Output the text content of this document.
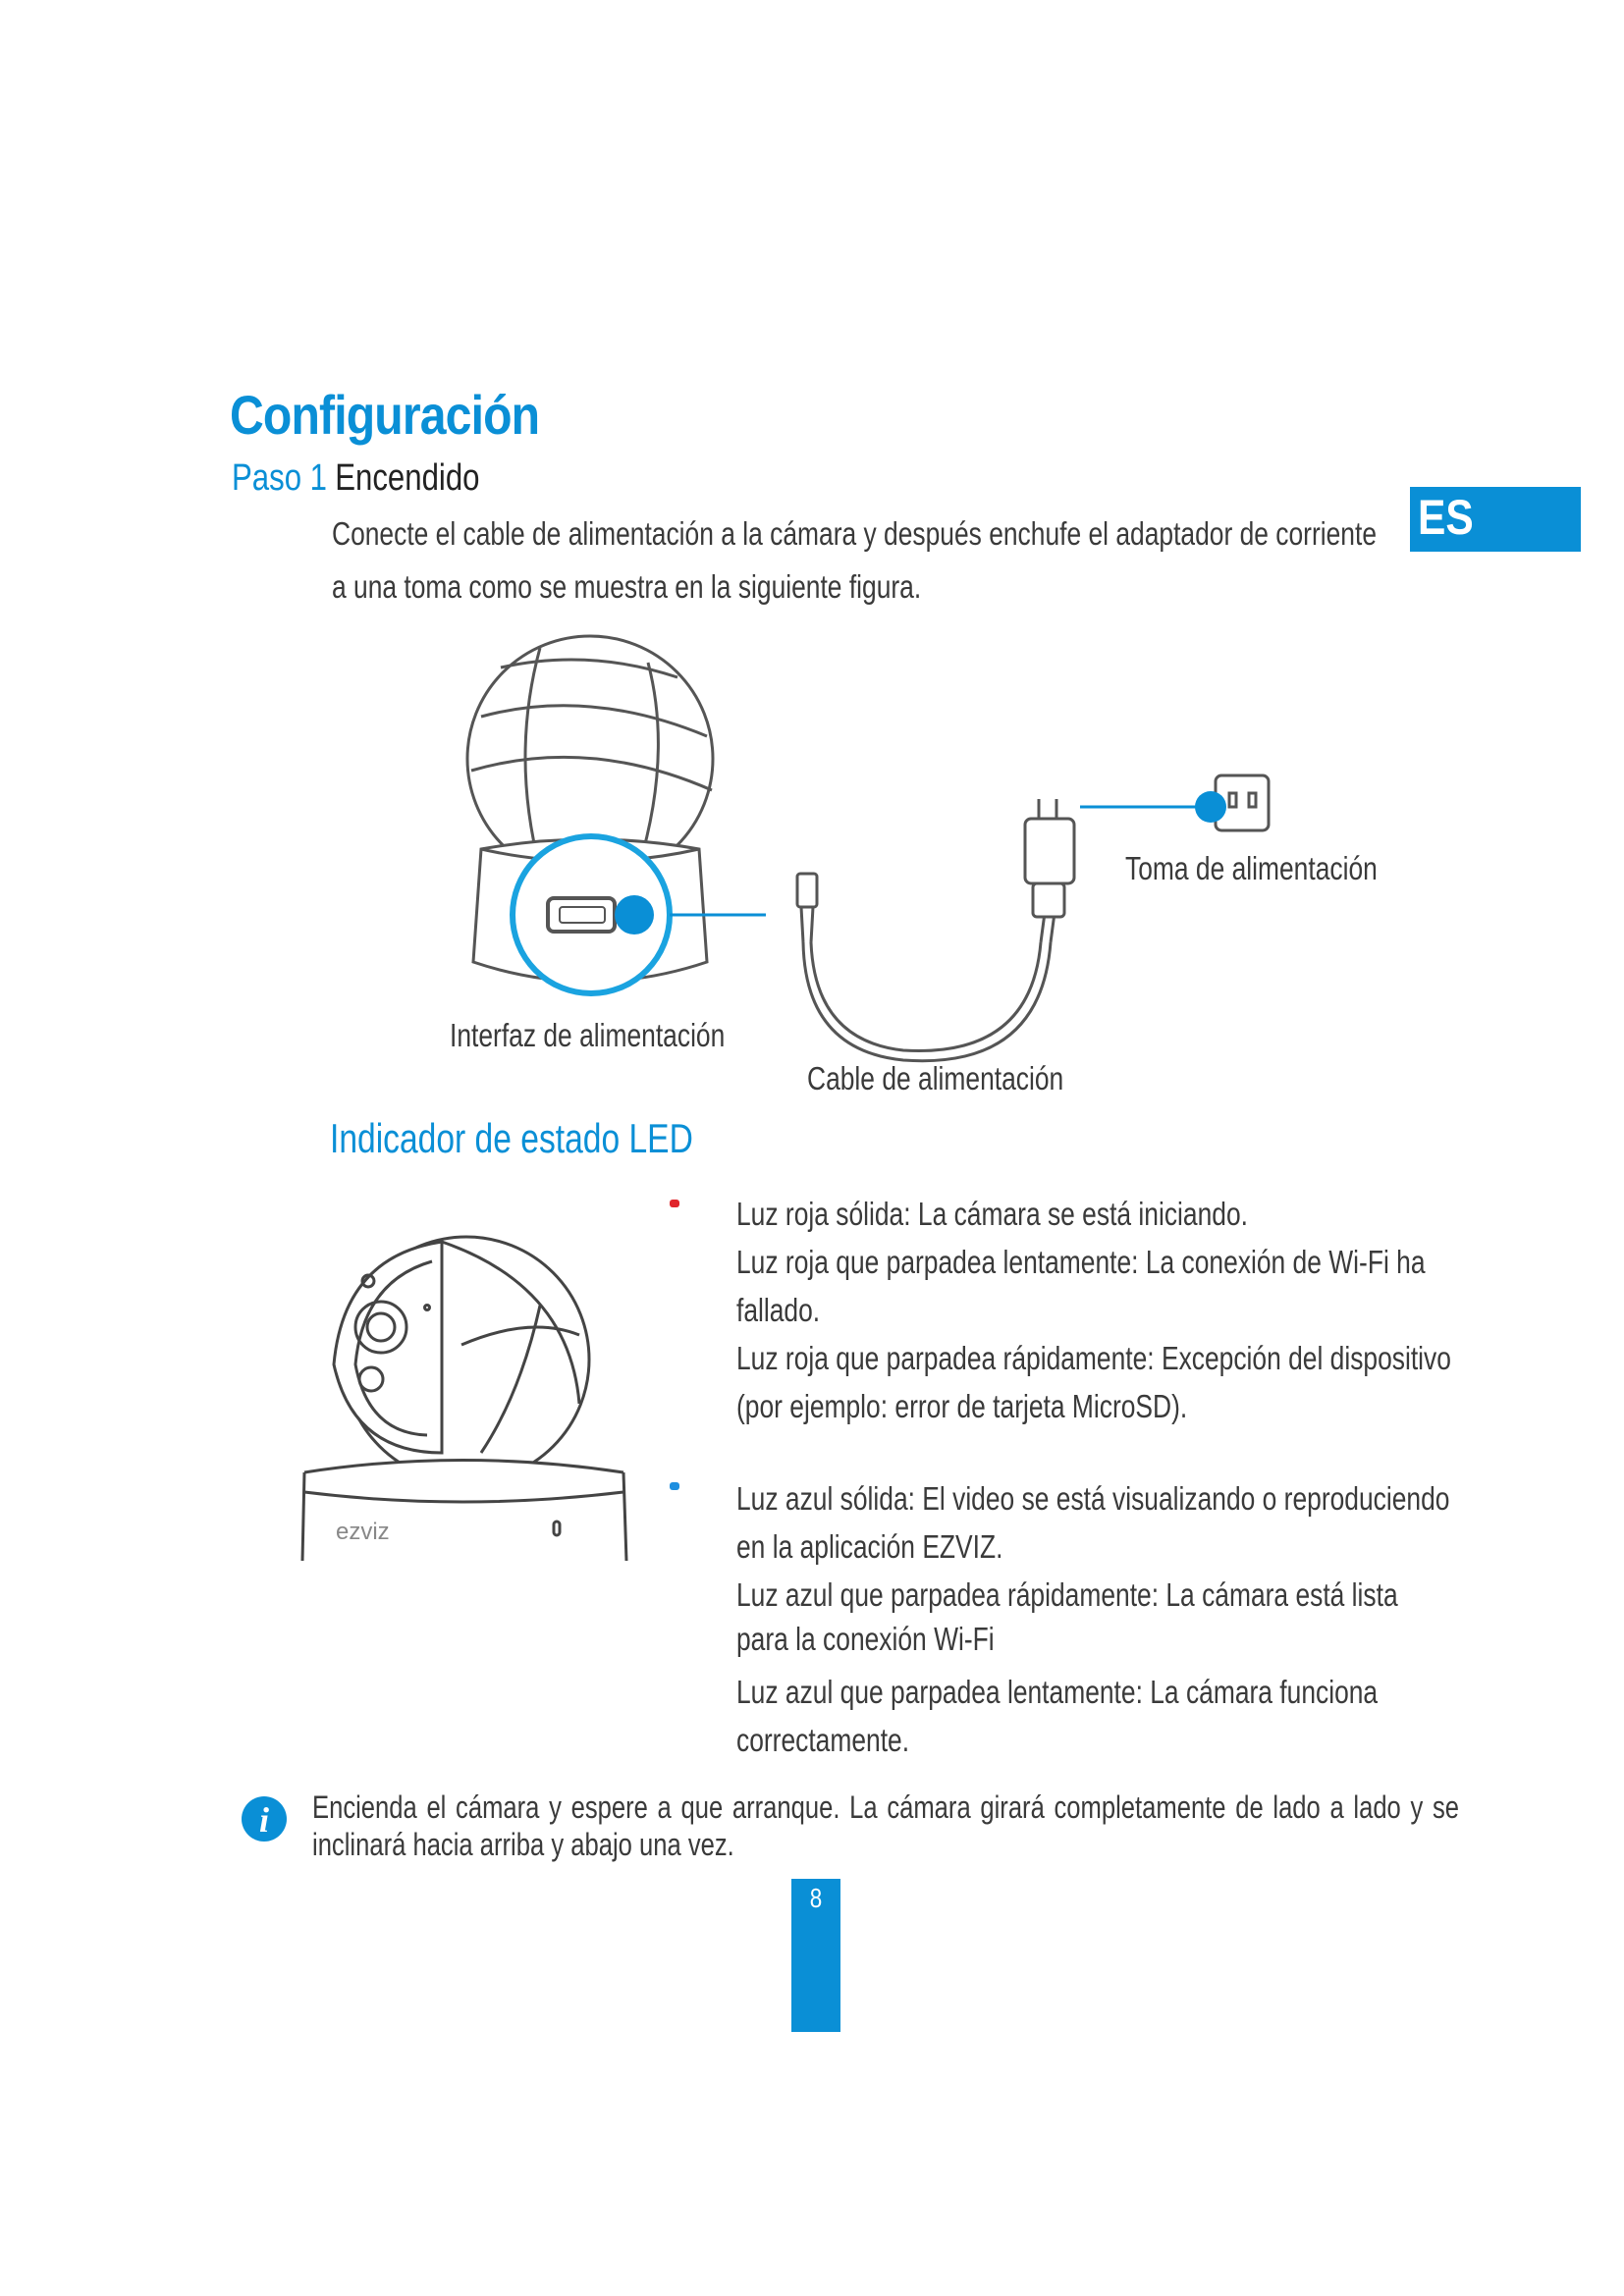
Configuración
Paso 1 Encendido
Conecte el cable de alimentación a la cámara y después enchufe el adaptador de corriente
a una toma como se muestra en la siguiente figura.
ES
Toma de alimentación
Interfaz de alimentación
Cable de alimentación
Indicador de estado LED
ezviz
Luz roja sólida: La cámara se está iniciando.
Luz roja que parpadea lentamente: La conexión de Wi-Fi ha
fallado.
Luz roja que parpadea rápidamente: Excepción del dispositivo
(por ejemplo: error de tarjeta MicroSD).
Luz azul sólida: El video se está visualizando o reproduciendo
en la aplicación EZVIZ.
Luz azul que parpadea rápidamente: La cámara está lista
para la conexión Wi-Fi
Luz azul que parpadea lentamente: La cámara funciona
correctamente.
i	Encienda el cámara y espere a que arranque. La cámara girará completamente de lado a lado y se
inclinará hacia arriba y abajo una vez.
8
